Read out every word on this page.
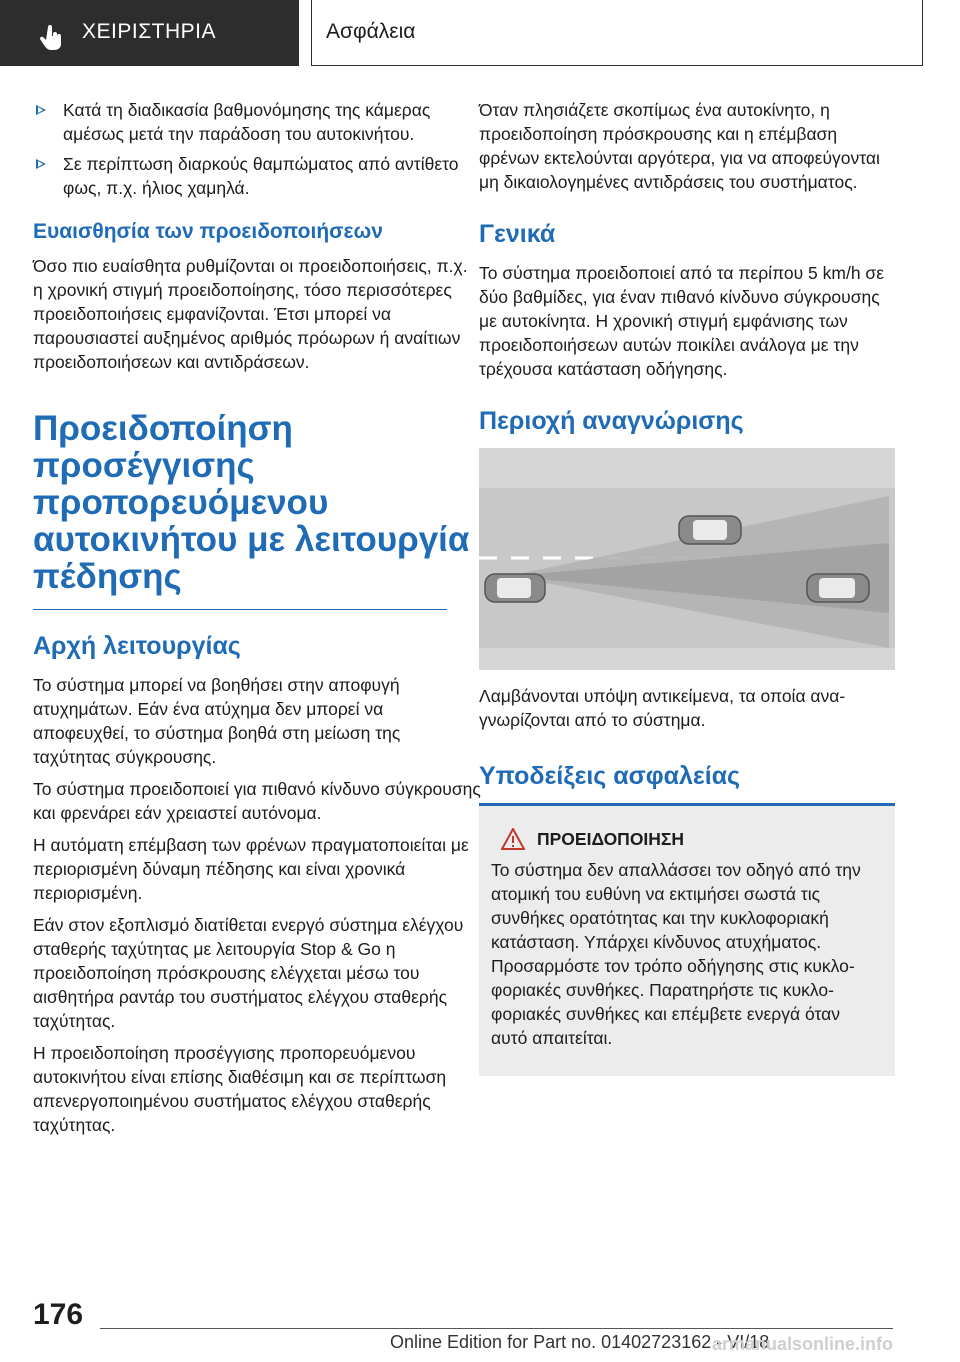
ΧΕΙΡΙΣΤΗΡΙΑ	Ασφάλεια
Κατά τη διαδικασία βαθμονόμησης της κάμερας αμέσως μετά την παράδοση του αυτοκινήτου.
Σε περίπτωση διαρκούς θαμπώματος από αντίθετο φως, π.χ. ήλιος χαμηλά.
Ευαισθησία των προειδοποιήσεων

Όσο πιο ευαίσθητα ρυθμίζονται οι προειδοποιήσεις, π.χ. η χρονική στιγμή προειδοποίησης, τόσο περισσότερες προειδοποιήσεις εμφανίζονται. Έτσι μπορεί να παρουσιαστεί αυξημένος αριθμός πρόωρων ή αναίτιων προειδοποιήσεων και αντιδράσεων.

Προειδοποίηση προσέγγισης προπορευόμενου αυτοκινήτου με λειτουργία πέδησης
Αρχή λειτουργίας

Το σύστημα μπορεί να βοηθήσει στην αποφυγή ατυχημάτων. Εάν ένα ατύχημα δεν μπορεί να αποφευχθεί, το σύστημα βοηθά στη μείωση της ταχύτητας σύγκρουσης.

Το σύστημα προειδοποιεί για πιθανό κίνδυνο σύγκρουσης και φρενάρει εάν χρειαστεί αυτόνομα.

Η αυτόματη επέμβαση των φρένων πραγματοποιείται με περιορισμένη δύναμη πέδησης και είναι χρονικά περιορισμένη.

Εάν στον εξοπλισμό διατίθεται ενεργό σύστημα ελέγχου σταθερής ταχύτητας με λειτουργία Stop & Go η προειδοποίηση πρόσκρουσης ελέγχεται μέσω του αισθητήρα ραντάρ του συστήματος ελέγχου σταθερής ταχύτητας.

Η προειδοποίηση προσέγγισης προπορευόμενου αυτοκινήτου είναι επίσης διαθέσιμη και σε περίπτωση απενεργοποιημένου συστήματος ελέγχου σταθερής ταχύτητας.

Όταν πλησιάζετε σκοπίμως ένα αυτοκίνητο, η προειδοποίηση πρόσκρουσης και η επέμβαση φρένων εκτελούνται αργότερα, για να αποφεύγονται μη δικαιολογημένες αντιδράσεις του συστήματος.

Γενικά

Το σύστημα προειδοποιεί από τα περίπου 5 km/h σε δύο βαθμίδες, για έναν πιθανό κίνδυνο σύγκρουσης με αυτοκίνητα. Η χρονική στιγμή εμφάνισης των προειδοποιήσεων αυτών ποικίλει ανάλογα με την τρέχουσα κατάσταση οδήγησης.

Περιοχή αναγνώρισης

Λαμβάνονται υπόψη αντικείμενα, τα οποία αναγνωρίζονται από το σύστημα.

Υποδείξεις ασφαλείας
ΠΡΟΕΙΔΟΠΟΙΗΣΗ

Το σύστημα δεν απαλλάσσει τον οδηγό από την ατομική του ευθύνη να εκτιμήσει σωστά τις συνθήκες ορατότητας και την κυκλοφοριακή κατάσταση. Υπάρχει κίνδυνος ατυχήματος. Προσαρμόστε τον τρόπο οδήγησης στις κυκλοφοριακές συνθήκες. Παρατηρήστε τις κυκλοφοριακές συνθήκες και επέμβετε ενεργά όταν αυτό απαιτείται.

176
Online Edition for Part no. 01402723162 - VI/18
armanualsonline.info
